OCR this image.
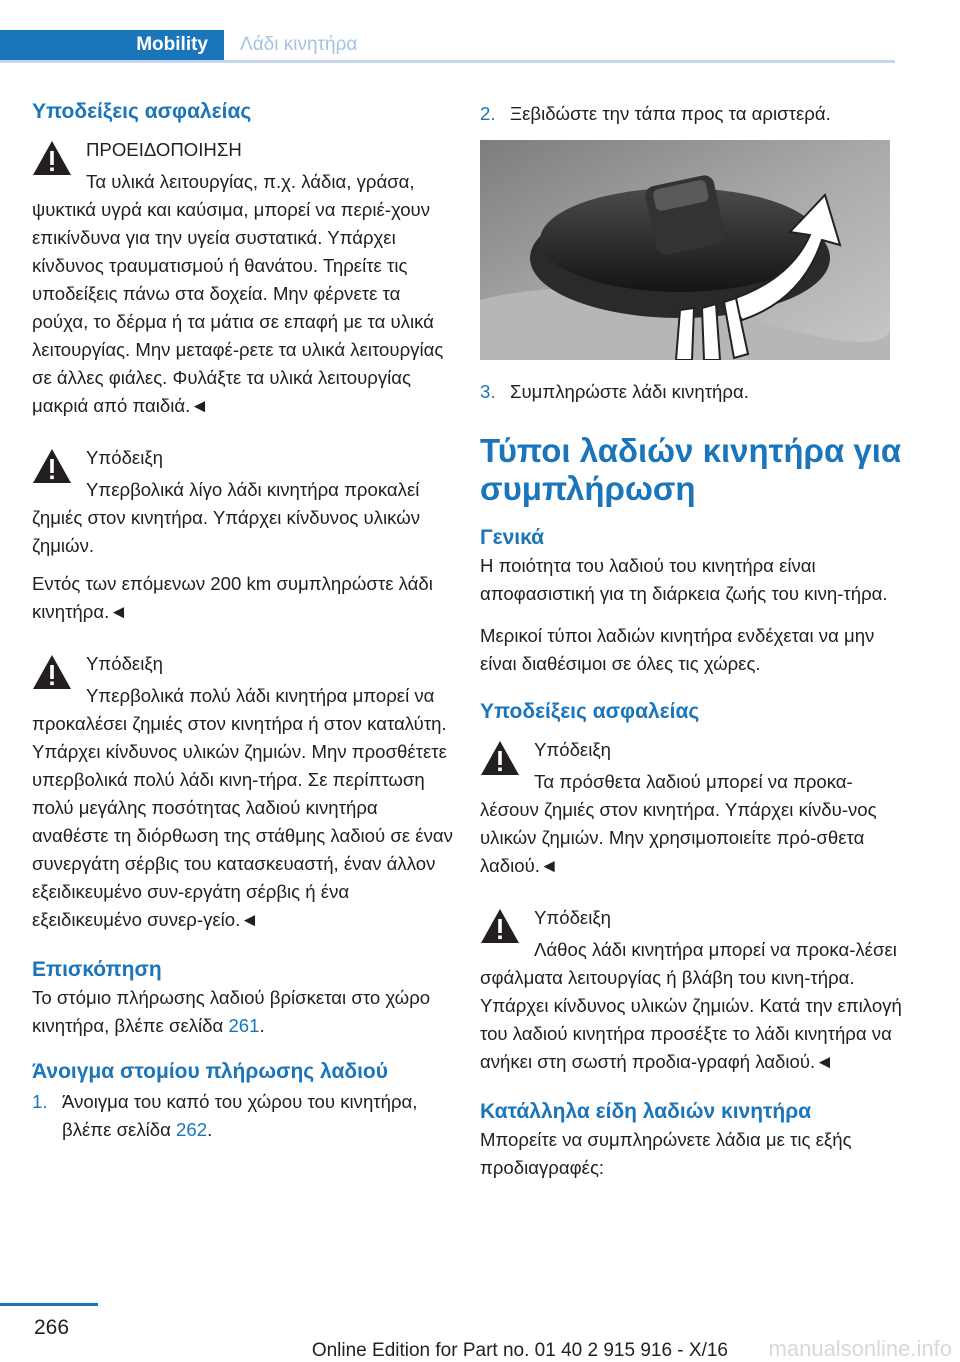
Mobility Λάδι κινητήρα
Υποδείξεις ασφαλείας
ΠΡΟΕΙΔΟΠΟΙΗΣΗ
Τα υλικά λειτουργίας, π.χ. λάδια, γράσα, ψυκτικά υγρά και καύσιμα, μπορεί να περιέ‐χουν επικίνδυνα για την υγεία συστατικά. Υπάρχει κίνδυνος τραυματισμού ή θανάτου. Τηρείτε τις υποδείξεις πάνω στα δοχεία. Μην φέρνετε τα ρούχα, το δέρμα ή τα μάτια σε επαφή με τα υλικά λειτουργίας. Μην μεταφέ‐ρετε τα υλικά λειτουργίας σε άλλες φιάλες. Φυλάξτε τα υλικά λειτουργίας μακριά από παιδιά.◄
Υπόδειξη
Υπερβολικά λίγο λάδι κινητήρα προκαλεί ζημιές στον κινητήρα. Υπάρχει κίνδυνος υλικών ζημιών.
Εντός των επόμενων 200 km συμπληρώστε λάδι κινητήρα.◄
Υπόδειξη
Υπερβολικά πολύ λάδι κινητήρα μπορεί να προκαλέσει ζημιές στον κινητήρα ή στον καταλύτη. Υπάρχει κίνδυνος υλικών ζημιών. Μην προσθέτετε υπερβολικά πολύ λάδι κινη‐τήρα. Σε περίπτωση πολύ μεγάλης ποσότητας λαδιού κινητήρα αναθέστε τη διόρθωση της στάθμης λαδιού σε έναν συνεργάτη σέρβις του κατασκευαστή, έναν άλλον εξειδικευμένο συν‐εργάτη σέρβις ή ένα εξειδικευμένο συνερ‐γείο.◄
Επισκόπηση
Το στόμιο πλήρωσης λαδιού βρίσκεται στο χώρο κινητήρα, βλέπε σελίδα 261.
Άνοιγμα στομίου πλήρωσης λαδιού
1. Άνοιγμα του καπό του χώρου του κινητήρα, βλέπε σελίδα 262.
2. Ξεβιδώστε την τάπα προς τα αριστερά.
3. Συμπληρώστε λάδι κινητήρα.
Τύποι λαδιών κινητήρα για συμπλήρωση
Γενικά
Η ποιότητα του λαδιού του κινητήρα είναι αποφασιστική για τη διάρκεια ζωής του κινη‐τήρα.
Μερικοί τύποι λαδιών κινητήρα ενδέχεται να μην είναι διαθέσιμοι σε όλες τις χώρες.
Υποδείξεις ασφαλείας
Υπόδειξη
Τα πρόσθετα λαδιού μπορεί να προκα‐λέσουν ζημιές στον κινητήρα. Υπάρχει κίνδυ‐νος υλικών ζημιών. Μην χρησιμοποιείτε πρό‐σθετα λαδιού.◄
Υπόδειξη
Λάθος λάδι κινητήρα μπορεί να προκα‐λέσει σφάλματα λειτουργίας ή βλάβη του κινη‐τήρα. Υπάρχει κίνδυνος υλικών ζημιών. Κατά την επιλογή του λαδιού κινητήρα προσέξτε το λάδι κινητήρα να ανήκει στη σωστή προδια‐γραφή λαδιού.◄
Κατάλληλα είδη λαδιών κινητήρα
Μπορείτε να συμπληρώνετε λάδια με τις εξής προδιαγραφές:
266
Online Edition for Part no. 01 40 2 915 916 - X/16 manualsonline.info
